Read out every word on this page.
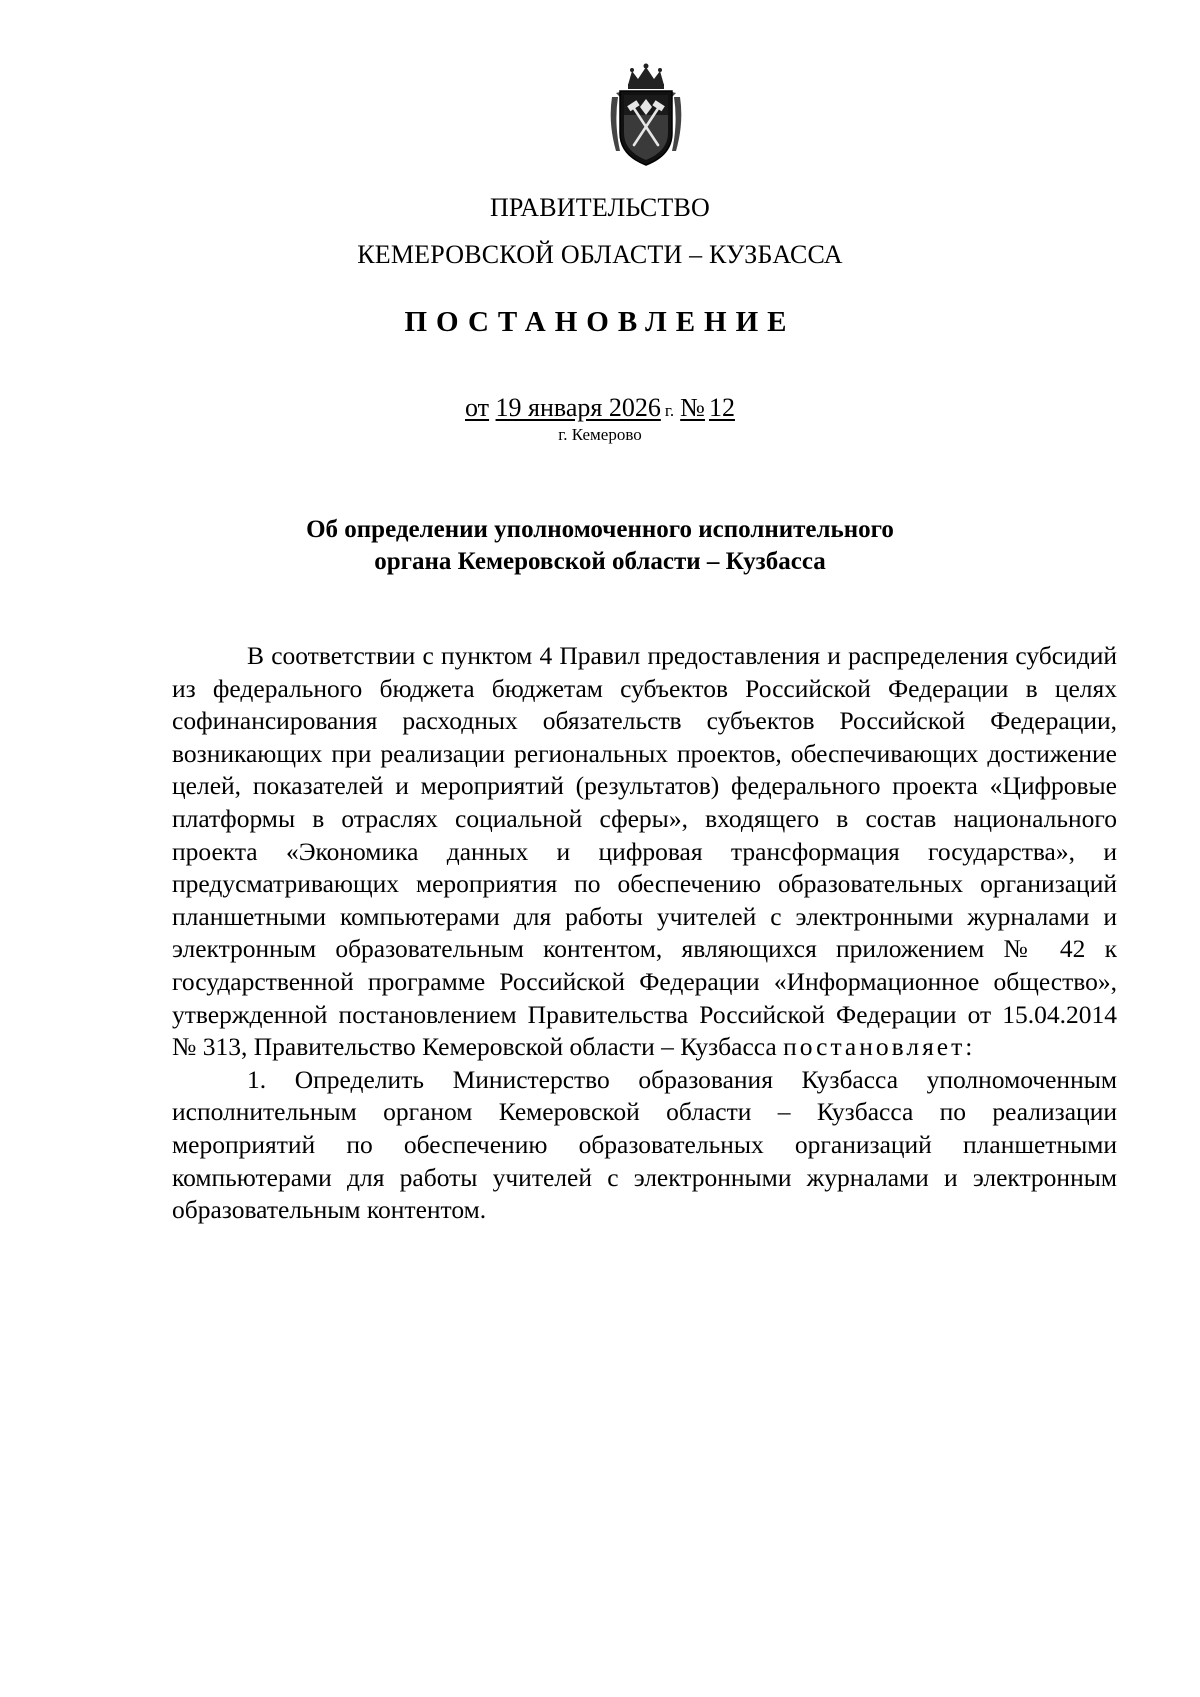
ПРАВИТЕЛЬСТВО
КЕМЕРОВСКОЙ ОБЛАСТИ – КУЗБАССА
ПОСТАНОВЛЕНИЕ
от 19 января 2026 г. № 12
г. Кемерово
Об определении уполномоченного исполнительного
органа Кемеровской области – Кузбасса

В соответствии с пунктом 4 Правил предоставления и распределения субсидий из федерального бюджета бюджетам субъектов Российской Федерации в целях софинансирования расходных обязательств субъектов Российской Федерации, возникающих при реализации региональных проектов, обеспечивающих достижение целей, показателей и мероприятий (результатов) федерального проекта «Цифровые платформы в отраслях социальной сферы», входящего в состав национального проекта «Экономика данных и цифровая трансформация государства», и предусматривающих мероприятия по обеспечению образовательных организаций планшетными компьютерами для работы учителей с электронными журналами и электронным образовательным контентом, являющихся приложением № 42 к государственной программе Российской Федерации «Информационное общество», утвержденной постановлением Правительства Российской Федерации от 15.04.2014 № 313, Правительство Кемеровской области – Кузбасса постановляет:

1. Определить Министерство образования Кузбасса уполномоченным исполнительным органом Кемеровской области – Кузбасса по реализации мероприятий по обеспечению образовательных организаций планшетными компьютерами для работы учителей с электронными журналами и электронным образовательным контентом.
